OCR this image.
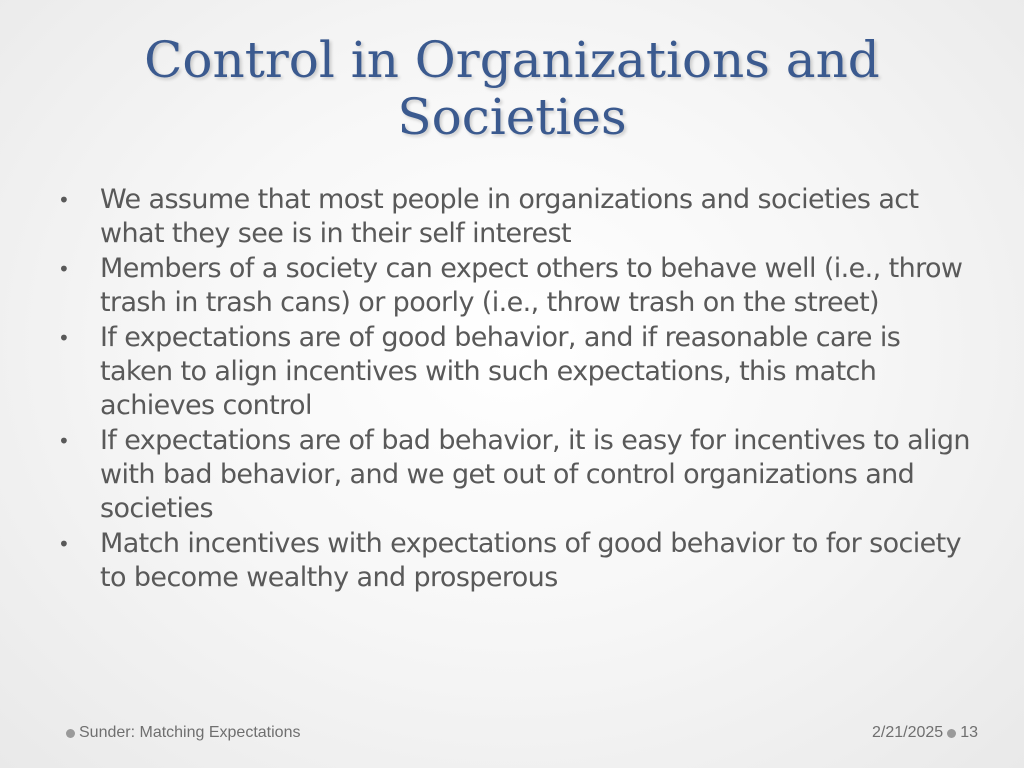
Control in Organizations and
Societies
• We assume that most people in organizations and societies act what they see is in their self interest
• Members of a society can expect others to behave well (i.e., throw trash in trash cans) or poorly (i.e., throw trash on the street)
• If expectations are of good behavior, and if reasonable care is taken to align incentives with such expectations, this match achieves control
• If expectations are of bad behavior, it is easy for incentives to align with bad behavior, and we get out of control organizations and societies
• Match incentives with expectations of good behavior to for society to become wealthy and prosperous
Sunder: Matching Expectations	2/21/2025 13
